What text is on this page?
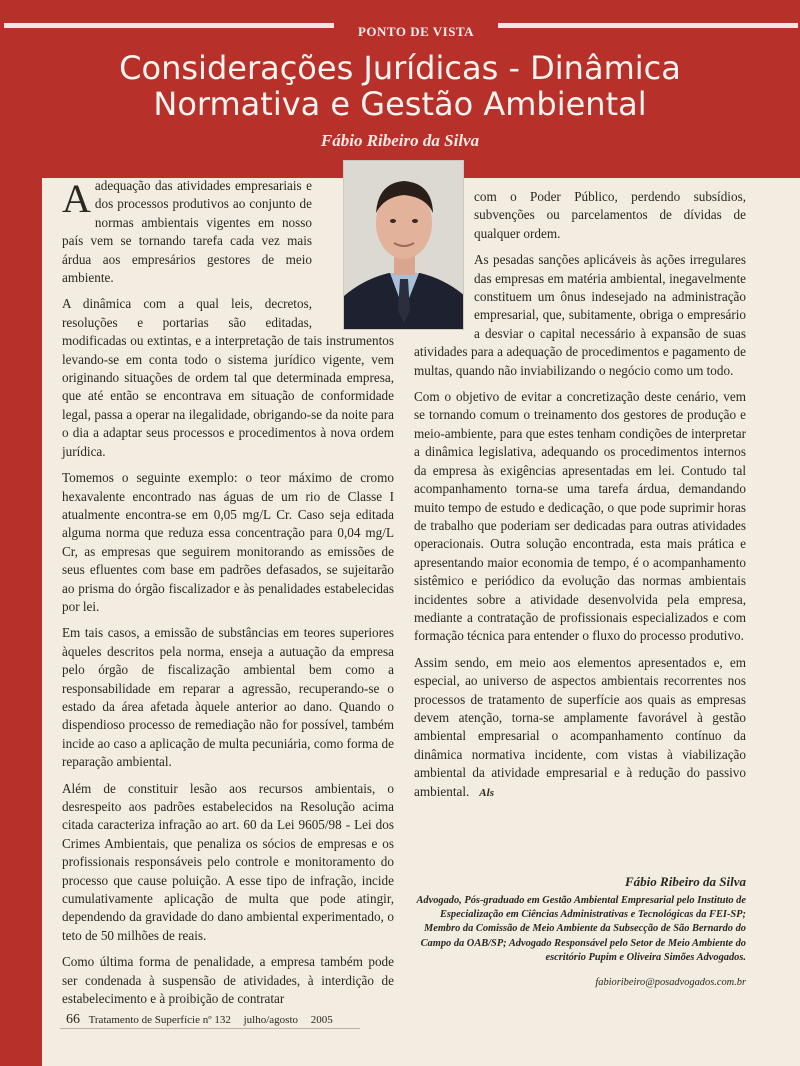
PONTO DE VISTA
Considerações Jurídicas - Dinâmica
Normativa e Gestão Ambiental
Fábio Ribeiro da Silva

Aadequação das atividades empresariais e dos processos produtivos ao conjunto de normas ambientais vigentes em nosso país vem se tornando tarefa cada vez mais árdua aos empresários gestores de meio ambiente.

A dinâmica com a qual leis, decretos, resoluções e portarias são editadas, modificadas ou extintas, e a interpretação de tais instrumentos levando-se em conta todo o sistema jurídico vigente, vem originando situações de ordem tal que determinada empresa, que até então se encontrava em situação de conformidade legal, passa a operar na ilegalidade, obrigando-se da noite para o dia a adaptar seus processos e procedimentos à nova ordem jurídica.

Tomemos o seguinte exemplo: o teor máximo de cromo hexavalente encontrado nas águas de um rio de Classe I atualmente encontra-se em 0,05 mg/L Cr. Caso seja editada alguma norma que reduza essa concentração para 0,04 mg/L Cr, as empresas que seguirem monitorando as emissões de seus efluentes com base em padrões defasados, se sujeitarão ao prisma do órgão fiscalizador e às penalidades estabelecidas por lei.

Em tais casos, a emissão de substâncias em teores superiores àqueles descritos pela norma, enseja a autuação da empresa pelo órgão de fiscalização ambiental bem como a responsabilidade em reparar a agressão, recuperando-se o estado da área afetada àquele anterior ao dano. Quando o dispendioso processo de remediação não for possível, também incide ao caso a aplicação de multa pecuniária, como forma de reparação ambiental.

Além de constituir lesão aos recursos ambientais, o desrespeito aos padrões estabelecidos na Resolução acima citada caracteriza infração ao art. 60 da Lei 9605/98 - Lei dos Crimes Ambientais, que penaliza os sócios de empresas e os profissionais responsáveis pelo controle e monitoramento do processo que cause poluição. A esse tipo de infração, incide cumulativamente aplicação de multa que pode atingir, dependendo da gravidade do dano ambiental experimentado, o teto de 50 milhões de reais.

Como última forma de penalidade, a empresa também pode ser condenada à suspensão de atividades, à interdição de estabelecimento e à proibição de contratar

com o Poder Público, perdendo subsídios, subvenções ou parcelamentos de dívidas de qualquer ordem.

As pesadas sanções aplicáveis às ações irregulares das empresas em matéria ambiental, inegavelmente constituem um ônus indesejado na administração empresarial, que, subitamente, obriga o empresário a desviar o capital necessário à expansão de suas atividades para a adequação de procedimentos e pagamento de multas, quando não inviabilizando o negócio como um todo.

Com o objetivo de evitar a concretização deste cenário, vem se tornando comum o treinamento dos gestores de produção e meio-ambiente, para que estes tenham condições de interpretar a dinâmica legislativa, adequando os procedimentos internos da empresa às exigências apresentadas em lei. Contudo tal acompanhamento torna-se uma tarefa árdua, demandando muito tempo de estudo e dedicação, o que pode suprimir horas de trabalho que poderiam ser dedicadas para outras atividades operacionais. Outra solução encontrada, esta mais prática e apresentando maior economia de tempo, é o acompanhamento sistêmico e periódico da evolução das normas ambientais incidentes sobre a atividade desenvolvida pela empresa, mediante a contratação de profissionais especializados e com formação técnica para entender o fluxo do processo produtivo.

Assim sendo, em meio aos elementos apresentados e, em especial, ao universo de aspectos ambientais recorrentes nos processos de tratamento de superfície aos quais as empresas devem atenção, torna-se amplamente favorável à gestão ambiental empresarial o acompanhamento contínuo da dinâmica normativa incidente, com vistas à viabilização ambiental da atividade empresarial e à redução do passivo ambiental. Als

Fábio Ribeiro da Silva
Advogado, Pós-graduado em Gestão Ambiental Empresarial pelo Instituto de Especialização em Ciências Administrativas e Tecnológicas da FEI-SP; Membro da Comissão de Meio Ambiente da Subsecção de São Bernardo do Campo da OAB/SP; Advogado Responsável pelo Setor de Meio Ambiente do escritório Pupim e Oliveira Simões Advogados.
fabioribeiro@posadvogados.com.br
66 Tratamento de Superfície nº 132 julho/agosto 2005
